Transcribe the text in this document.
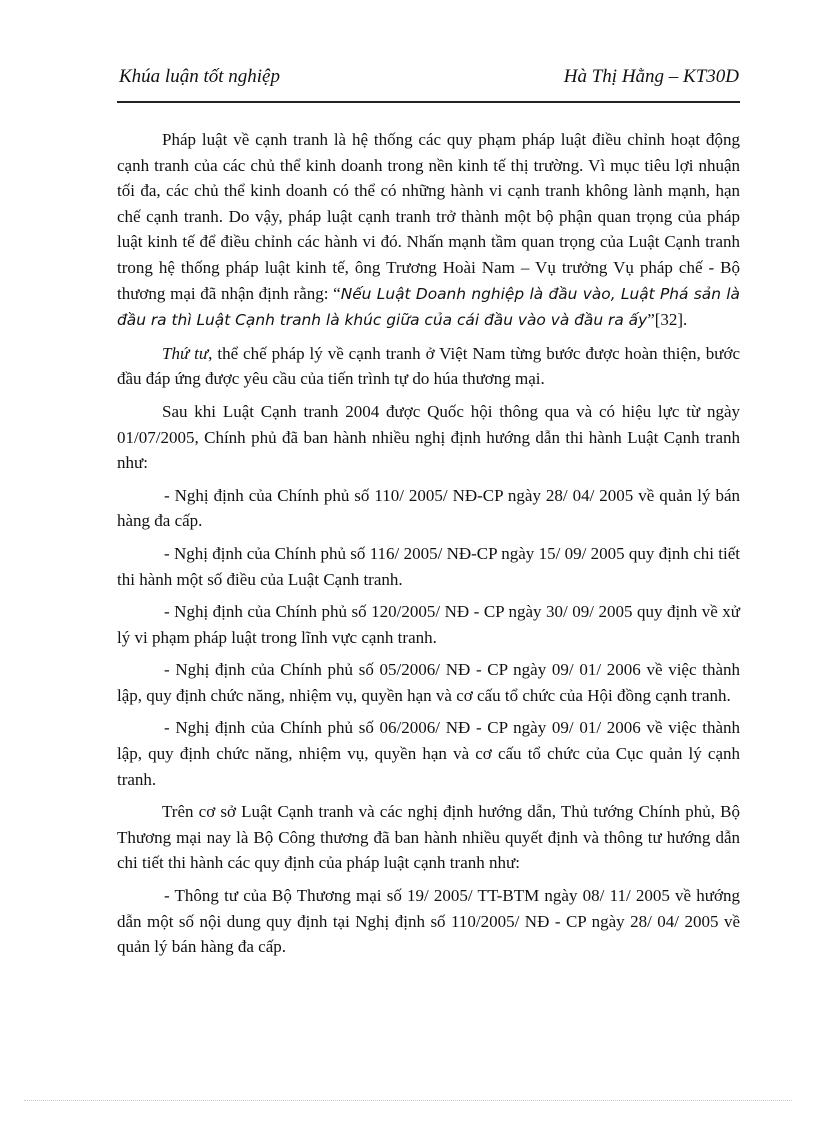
Khúa luận tốt nghiệp	Hà Thị Hằng – KT30D

Pháp luật về cạnh tranh là hệ thống các quy phạm pháp luật điều chỉnh hoạt động cạnh tranh của các chủ thể kinh doanh trong nền kinh tế thị trường. Vì mục tiêu lợi nhuận tối đa, các chủ thể kinh doanh có thể có những hành vi cạnh tranh không lành mạnh, hạn chế cạnh tranh. Do vậy, pháp luật cạnh tranh trở thành một bộ phận quan trọng của pháp luật kinh tế để điều chỉnh các hành vi đó. Nhấn mạnh tầm quan trọng của Luật Cạnh tranh trong hệ thống pháp luật kinh tế, ông Trương Hoài Nam – Vụ trưởng Vụ pháp chế - Bộ thương mại đã nhận định rằng: “Nếu Luật Doanh nghiệp là đầu vào, Luật Phá sản là đầu ra thì Luật Cạnh tranh là khúc giữa của cái đầu vào và đầu ra ấy”[32].

Thứ tư, thể chế pháp lý về cạnh tranh ở Việt Nam từng bước được hoàn thiện, bước đầu đáp ứng được yêu cầu của tiến trình tự do húa thương mại.

Sau khi Luật Cạnh tranh 2004 được Quốc hội thông qua và có hiệu lực từ ngày 01/07/2005, Chính phủ đã ban hành nhiều nghị định hướng dẫn thi hành Luật Cạnh tranh như:

- Nghị định của Chính phủ số 110/ 2005/ NĐ-CP ngày 28/ 04/ 2005 về quản lý bán hàng đa cấp.

- Nghị định của Chính phủ số 116/ 2005/ NĐ-CP ngày 15/ 09/ 2005 quy định chi tiết thi hành một số điều của Luật Cạnh tranh.

- Nghị định của Chính phủ số 120/2005/ NĐ - CP ngày 30/ 09/ 2005 quy định về xử lý vi phạm pháp luật trong lĩnh vực cạnh tranh.

- Nghị định của Chính phủ số 05/2006/ NĐ - CP ngày 09/ 01/ 2006 về việc thành lập, quy định chức năng, nhiệm vụ, quyền hạn và cơ cấu tổ chức của Hội đồng cạnh tranh.

- Nghị định của Chính phủ số 06/2006/ NĐ - CP ngày 09/ 01/ 2006 về việc thành lập, quy định chức năng, nhiệm vụ, quyền hạn và cơ cấu tổ chức của Cục quản lý cạnh tranh.

Trên cơ sở Luật Cạnh tranh và các nghị định hướng dẫn, Thủ tướng Chính phủ, Bộ Thương mại nay là Bộ Công thương đã ban hành nhiều quyết định và thông tư hướng dẫn chi tiết thi hành các quy định của pháp luật cạnh tranh như:

- Thông tư của Bộ Thương mại số 19/ 2005/ TT-BTM ngày 08/ 11/ 2005 về hướng dẫn một số nội dung quy định tại Nghị định số 110/2005/ NĐ - CP ngày 28/ 04/ 2005 về quản lý bán hàng đa cấp.
